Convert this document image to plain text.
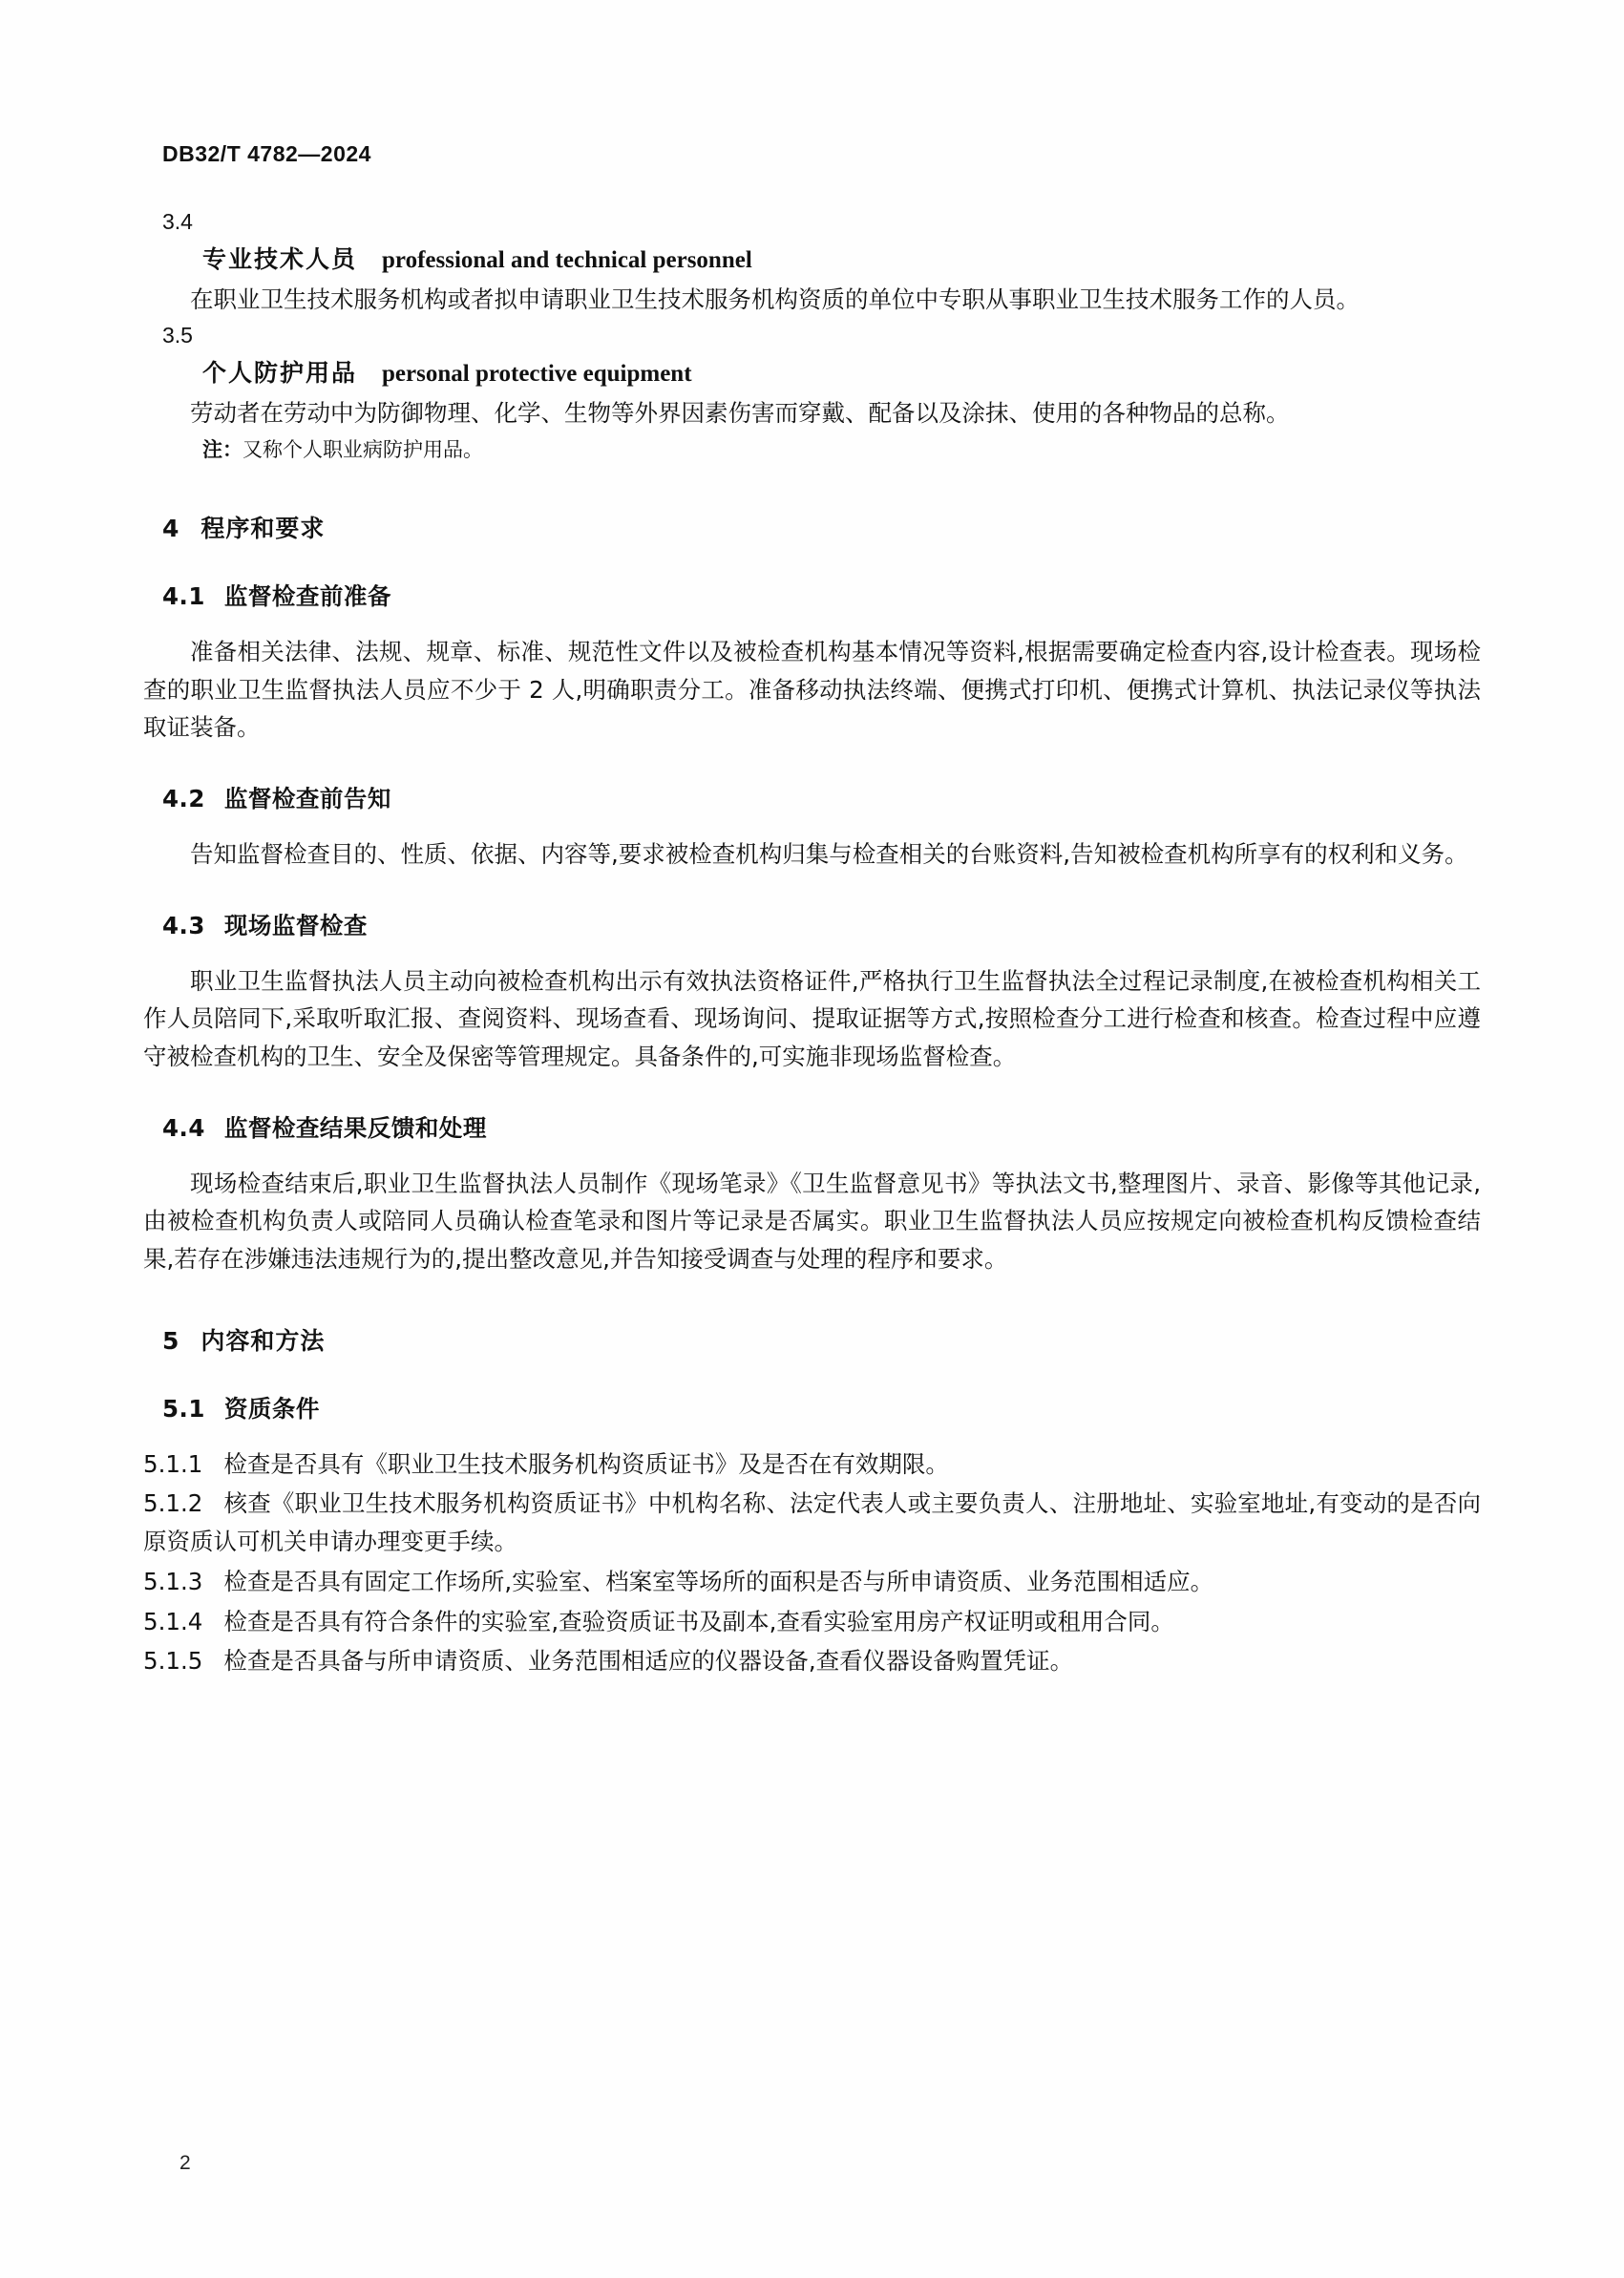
DB32/T 4782—2024
3.4
专业技术人员 professional and technical personnel

在职业卫生技术服务机构或者拟申请职业卫生技术服务机构资质的单位中专职从事职业卫生技术服务工作的人员。

3.5
个人防护用品 personal protective equipment

劳动者在劳动中为防御物理、化学、生物等外界因素伤害而穿戴、配备以及涂抹、使用的各种物品的总称。

注：又称个人职业病防护用品。
4 程序和要求
4.1 监督检查前准备

准备相关法律、法规、规章、标准、规范性文件以及被检查机构基本情况等资料,根据需要确定检查内容,设计检查表。现场检查的职业卫生监督执法人员应不少于 2 人,明确职责分工。准备移动执法终端、便携式打印机、便携式计算机、执法记录仪等执法取证装备。

4.2 监督检查前告知

告知监督检查目的、性质、依据、内容等,要求被检查机构归集与检查相关的台账资料,告知被检查机构所享有的权利和义务。

4.3 现场监督检查

职业卫生监督执法人员主动向被检查机构出示有效执法资格证件,严格执行卫生监督执法全过程记录制度,在被检查机构相关工作人员陪同下,采取听取汇报、查阅资料、现场查看、现场询问、提取证据等方式,按照检查分工进行检查和核查。检查过程中应遵守被检查机构的卫生、安全及保密等管理规定。具备条件的,可实施非现场监督检查。

4.4 监督检查结果反馈和处理

现场检查结束后,职业卫生监督执法人员制作《现场笔录》《卫生监督意见书》等执法文书,整理图片、录音、影像等其他记录,由被检查机构负责人或陪同人员确认检查笔录和图片等记录是否属实。职业卫生监督执法人员应按规定向被检查机构反馈检查结果,若存在涉嫌违法违规行为的,提出整改意见,并告知接受调查与处理的程序和要求。

5 内容和方法
5.1 资质条件

5.1.1 检查是否具有《职业卫生技术服务机构资质证书》及是否在有效期限。

5.1.2 核查《职业卫生技术服务机构资质证书》中机构名称、法定代表人或主要负责人、注册地址、实验室地址,有变动的是否向原资质认可机关申请办理变更手续。

5.1.3 检查是否具有固定工作场所,实验室、档案室等场所的面积是否与所申请资质、业务范围相适应。

5.1.4 检查是否具有符合条件的实验室,查验资质证书及副本,查看实验室用房产权证明或租用合同。

5.1.5 检查是否具备与所申请资质、业务范围相适应的仪器设备,查看仪器设备购置凭证。

2
